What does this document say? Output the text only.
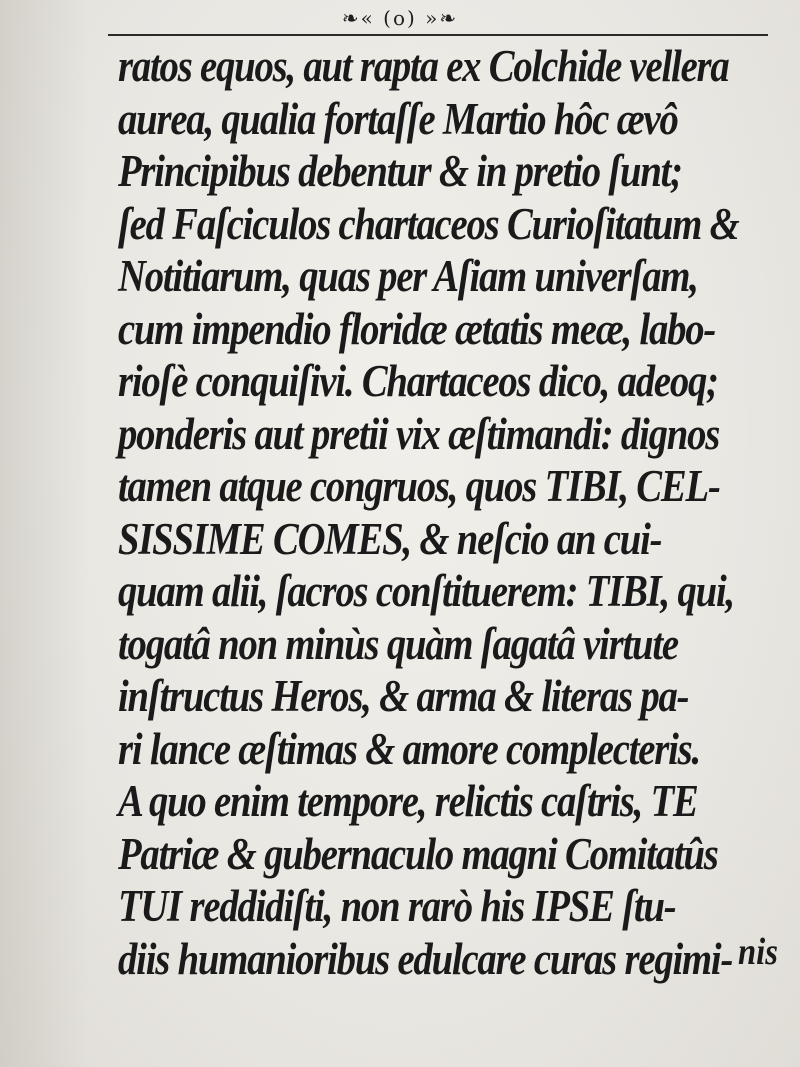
❧« (o) »❧
ratos equos, aut rapta ex Colchide vellera
aurea, qualia fortaſſe Martio hôc ævô
Principibus debentur & in pretio ſunt;
ſed Faſciculos chartaceos Curioſitatum &
Notitiarum, quas per Aſiam univerſam,
cum impendio floridæ ætatis meæ, labo-
rioſè conquiſivi. Chartaceos dico, adeoq;
ponderis aut pretii vix æſtimandi: dignos
tamen atque congruos, quos TIBI, CEL-
SISSIME COMES, & neſcio an cui-
quam alii, ſacros conſtituerem: TIBI, qui,
togatâ non minùs quàm ſagatâ virtute
inſtructus Heros, & arma & literas pa-
ri lance æſtimas & amore complecteris.
A quo enim tempore, relictis caſtris, TE
Patriæ & gubernaculo magni Comitatûs
TUI reddidiſti, non rarò his IPSE ſtu-
diis humanioribus edulcare curas regimi- nis
